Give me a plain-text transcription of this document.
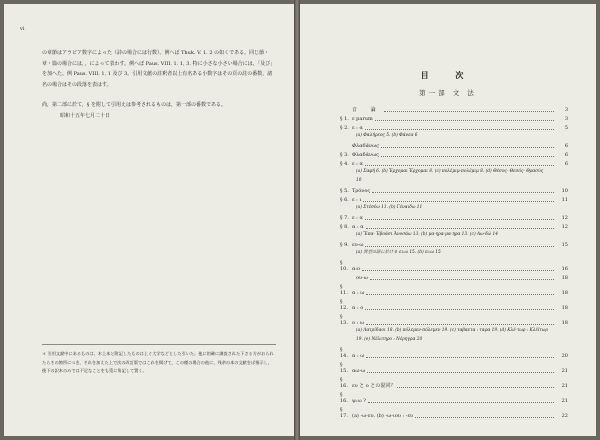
vi

の章節はアラビア数字によった（詩の場合には行数）。例へば Thuk. V. 1. 2 の如くである。同じ節・章・篇の場合には，，によって表わす。例へば Paus. VIII. 1. 1, 3. 特に小さな小さい場合には，「及び」を加へた。例 Paus. VIII. 1, 1 及び 3。引用文献の註釈者以上有名ある小数字はその頁の註の番数，諸名の場合はその段落を表はす。

尚，第二部に於て，§ を附して引用えは参考されるものは，第一部の番数である。

昭和十五年七月二十日

＊ 引用文献中にあるものは，木上本と附記したものは上ぐ大学などとした引いた。他に的確に調査された下さる方がおられたらその箇所につき，それを加えた上で次の改訂版ではこれを掲げて，この種の場合の他に，残余の本の文献をば指示し，後下の訳本のみでは不足なことをも兎に角記して置く。

目 次
第一部 文 法
音 論	3
§ 1. ε parum	3
§ 2. ε : α	5
(a) Φαλήρεος 5. (b) Φάνεα 6
Φλαδάνως	6
§ 3. Φλαδάνως	6
§ 4. ε : α	6
(a) Σαφή 6. (b) Ἑρχομαι Ἐρχομαι 8. (c) πολέμιμ-πολέμιμ 8. (d) Θέσος- Θεσός- Θρασύς 10
§ 5. Τρόνος	10
§ 6. ε : ι	11
(a) Στέσέω 11. (b) Γέναιδω 11
§ 7. ε : α	12
§ 8. α : α	12
(a) Ἕπα- Ἐβοάσι Ἀνοσάω 13. (b) μα-ηρα-μα-ηρα 13. (c) Αω-δώ 14
§ 9. ευ-ω	15
(a) 異型の語に於ける ει:ω 15. (b) ει:ω 15
§ 10. α:ο	16
ου-ω	18
§ 11. α : ω	18
§ 12. α : ο	18
§ 13. ο : ω	18
(a) Λατρίδαοι 18. (b) πόλεμεν-πόλεμεν 19. (c) ταβαετα : ταρα 19. (d) Κλέ-τωρ : Κλέίτωρ 19. (e) Νέλιτηρο : Νέρηγρα 20
§ 14. α : ω	20
§ 15. αω-ω	21
§ 16. ευ と ο との混同？	21
§ 16. ψ:ω ?	21
§ 17. (a) -ω-ευ. (b) -ω-ιου : -ευ	22
